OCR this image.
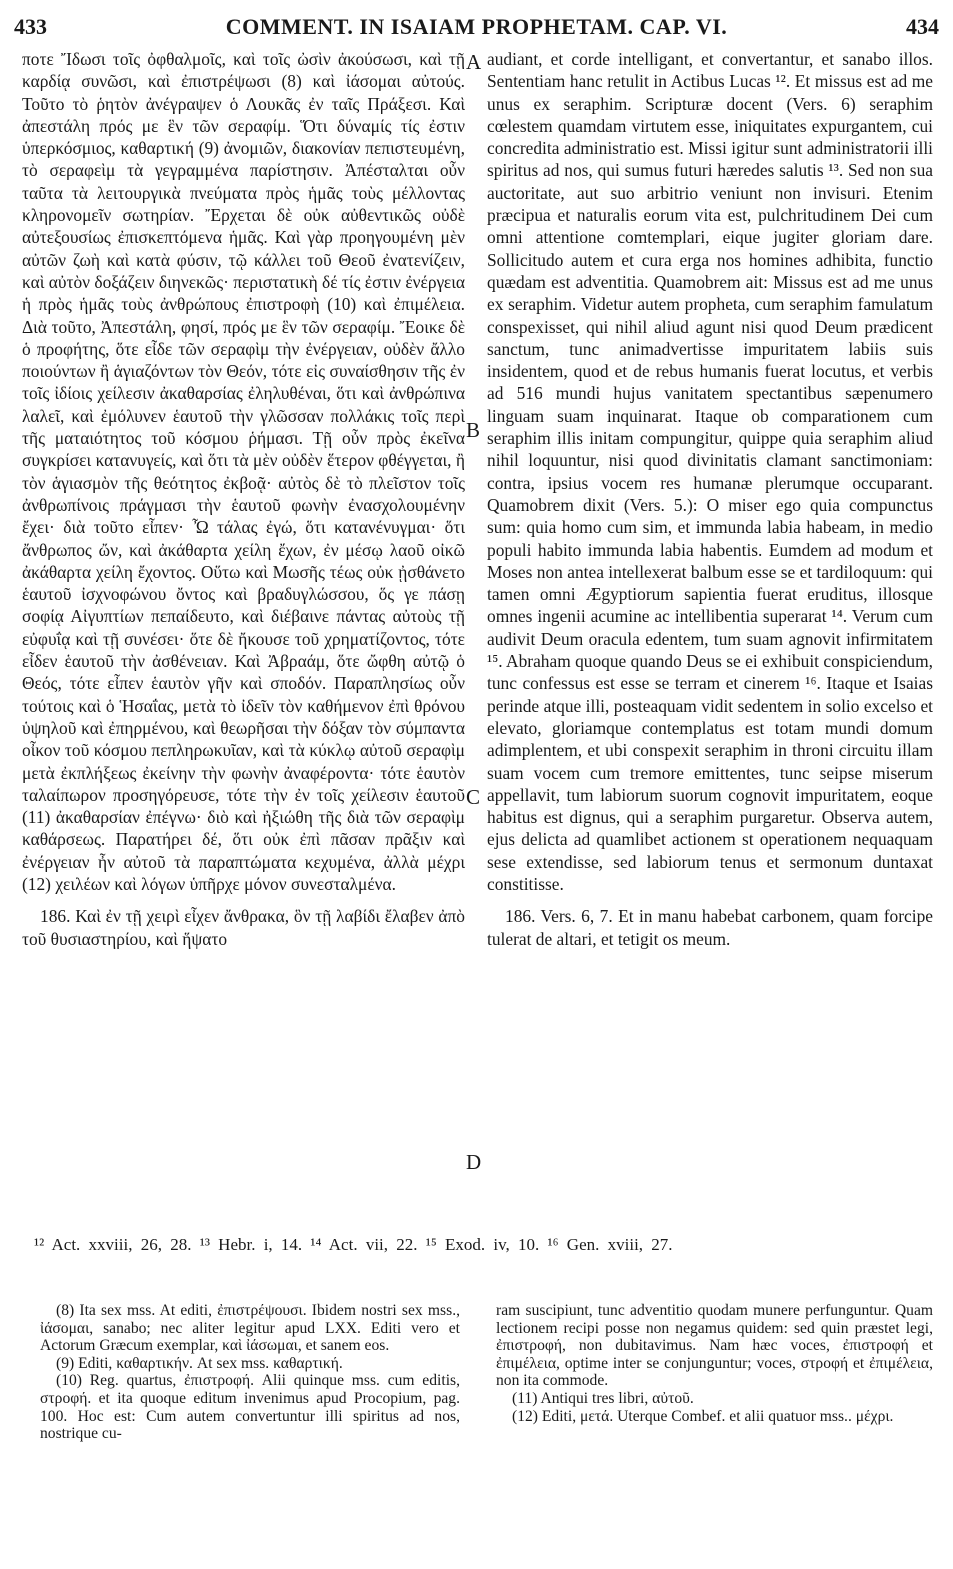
433	COMMENT. IN ISAIAM PROPHETAM. CAP. VI.	434

ποτε Ἴδωσι τοῖς ὀφθαλμοῖς, καὶ τοῖς ὠσὶν ἀκούσωσι, καὶ τῇ καρδίᾳ συνῶσι, καὶ ἐπιστρέψωσι (8) καὶ ἰάσομαι αὐτούς. Τοῦτο τὸ ῥητὸν ἀνέγραψεν ὁ Λουκᾶς ἐν ταῖς Πράξεσι. Καὶ ἀπεστάλη πρός με ἓν τῶν σεραφίμ. Ὅτι δύναμίς τίς ἐστιν ὑπερκόσμιος, καθαρτική (9) ἀνομιῶν, διακονίαν πεπιστευμένη, τὸ σεραφεὶμ τὰ γεγραμμένα παρίστησιν. Ἀπέσταλται οὖν ταῦτα τὰ λειτουργικὰ πνεύματα πρὸς ἡμᾶς τοὺς μέλλοντας κληρονομεῖν σωτηρίαν. Ἔρχεται δὲ οὐκ αὐθεντικῶς οὐδὲ αὐτεξουσίως ἐπισκεπτόμενα ἡμᾶς. Καὶ γὰρ προηγουμένη μὲν αὐτῶν ζωὴ καὶ κατὰ φύσιν, τῷ κάλλει τοῦ Θεοῦ ἐνατενίζειν, καὶ αὐτὸν δοξάζειν διηνεκῶς· περιστατικὴ δέ τίς ἐστιν ἐνέργεια ἡ πρὸς ἡμᾶς τοὺς ἀνθρώπους ἐπιστροφὴ (10) καὶ ἐπιμέλεια. Διὰ τοῦτο, Ἀπεστάλη, φησί, πρός με ἓν τῶν σεραφίμ. Ἔοικε δὲ ὁ προφήτης, ὅτε εἶδε τῶν σεραφὶμ τὴν ἐνέργειαν, οὐδὲν ἄλλο ποιούντων ἢ ἁγιαζόντων τὸν Θεόν, τότε εἰς συναίσθησιν τῆς ἐν τοῖς ἰδίοις χείλεσιν ἀκαθαρσίας ἐληλυθέναι, ὅτι καὶ ἀνθρώπινα λαλεῖ, καὶ ἐμόλυνεν ἑαυτοῦ τὴν γλῶσσαν πολλάκις τοῖς περὶ τῆς ματαιότητος τοῦ κόσμου ῥήμασι. Τῇ οὖν πρὸς ἐκεῖνα συγκρίσει κατανυγείς, καὶ ὅτι τὰ μὲν οὐδὲν ἕτερον φθέγγεται, ἢ τὸν ἁγιασμὸν τῆς θεότητος ἐκβοᾷ· αὐτὸς δὲ τὸ πλεῖστον τοῖς ἀνθρωπίνοις πράγμασι τὴν ἑαυτοῦ φωνὴν ἐνασχολουμένην ἔχει· διὰ τοῦτο εἶπεν· Ὦ τάλας ἐγώ, ὅτι κατανένυγμαι· ὅτι ἄνθρωπος ὤν, καὶ ἀκάθαρτα χείλη ἔχων, ἐν μέσῳ λαοῦ οἰκῶ ἀκάθαρτα χείλη ἔχοντος. Οὕτω καὶ Μωσῆς τέως οὐκ ᾐσθάνετο ἑαυτοῦ ἰσχνοφώνου ὄντος καὶ βραδυγλώσσου, ὅς γε πάσῃ σοφίᾳ Αἰγυπτίων πεπαίδευτο, καὶ διέβαινε πάντας αὐτοὺς τῇ εὐφυΐᾳ καὶ τῇ συνέσει· ὅτε δὲ ἤκουσε τοῦ χρηματίζοντος, τότε εἶδεν ἑαυτοῦ τὴν ἀσθένειαν. Καὶ Ἀβραάμ, ὅτε ὤφθη αὐτῷ ὁ Θεός, τότε εἶπεν ἑαυτὸν γῆν καὶ σποδόν. Παραπλησίως οὖν τούτοις καὶ ὁ Ἡσαΐας, μετὰ τὸ ἰδεῖν τὸν καθήμενον ἐπὶ θρόνου ὑψηλοῦ καὶ ἐπηρμένου, καὶ θεωρῆσαι τὴν δόξαν τὸν σύμπαντα οἶκον τοῦ κόσμου πεπληρωκυῖαν, καὶ τὰ κύκλῳ αὐτοῦ σεραφὶμ μετὰ ἐκπλήξεως ἐκείνην τὴν φωνὴν ἀναφέροντα· τότε ἑαυτὸν ταλαίπωρον προσηγόρευσε, τότε τὴν ἐν τοῖς χείλεσιν ἑαυτοῦ (11) ἀκαθαρσίαν ἐπέγνω· διὸ καὶ ἠξιώθη τῆς διὰ τῶν σεραφὶμ καθάρσεως. Παρατήρει δέ, ὅτι οὐκ ἐπὶ πᾶσαν πρᾶξιν καὶ ἐνέργειαν ἦν αὐτοῦ τὰ παραπτώματα κεχυμένα, ἀλλὰ μέχρι (12) χειλέων καὶ λόγων ὑπῆρχε μόνον συνεσταλμένα.

186. Καὶ ἐν τῇ χειρὶ εἶχεν ἄνθρακα, ὃν τῇ λαβίδι ἔλαβεν ἀπὸ τοῦ θυσιαστηρίου, καὶ ἥψατο

audiant, et corde intelligant, et convertantur, et sanabo illos. Sententiam hanc retulit in Actibus Lucas ¹². Et missus est ad me unus ex seraphim. Scripturæ docent (Vers. 6) seraphim cœlestem quamdam virtutem esse, iniquitates expurgantem, cui concredita administratio est. Missi igitur sunt administratorii illi spiritus ad nos, qui sumus futuri hæredes salutis ¹³. Sed non sua auctoritate, aut suo arbitrio veniunt non invisuri. Etenim præcipua et naturalis eorum vita est, pulchritudinem Dei cum omni attentione comtemplari, eique jugiter gloriam dare. Sollicitudo autem et cura erga nos homines adhibita, functio quædam est adventitia. Quamobrem ait: Missus est ad me unus ex seraphim. Videtur autem propheta, cum seraphim famulatum conspexisset, qui nihil aliud agunt nisi quod Deum prædicent sanctum, tunc animadvertisse impuritatem labiis suis insidentem, quod et de rebus humanis fuerat locutus, et verbis ad 516 mundi hujus vanitatem spectantibus sæpenumero linguam suam inquinarat. Itaque ob comparationem cum seraphim illis initam compungitur, quippe quia seraphim aliud nihil loquuntur, nisi quod divinitatis clamant sanctimoniam: contra, ipsius vocem res humanæ plerumque occuparant. Quamobrem dixit (Vers. 5.): O miser ego quia compunctus sum: quia homo cum sim, et immunda labia habeam, in medio populi habito immunda labia habentis. Eumdem ad modum et Moses non antea intellexerat balbum esse se et tardiloquum: qui tamen omni Ægyptiorum sapientia fuerat eruditus, illosque omnes ingenii acumine ac intellibentia superarat ¹⁴. Verum cum audivit Deum oracula edentem, tum suam agnovit infirmitatem ¹⁵. Abraham quoque quando Deus se ei exhibuit conspiciendum, tunc confessus est esse se terram et cinerem ¹⁶. Itaque et Isaias perinde atque illi, posteaquam vidit sedentem in solio excelso et elevato, gloriamque contemplatus est totam mundi domum adimplentem, et ubi conspexit seraphim in throni circuitu illam suam vocem cum tremore emittentes, tunc seipse miserum appellavit, tum labiorum suorum cognovit impuritatem, eoque habitus est dignus, qui a seraphim purgaretur. Observa autem, ejus delicta ad quamlibet actionem st operationem nequaquam sese extendisse, sed labiorum tenus et sermonum duntaxat constitisse.

186. Vers. 6, 7. Et in manu habebat carbonem, quam forcipe tulerat de altari, et tetigit os meum.

A
B
C
D
¹² Act. xxviii, 26, 28. ¹³ Hebr. i, 14. ¹⁴ Act. vii, 22. ¹⁵ Exod. iv, 10. ¹⁶ Gen. xviii, 27.

(8) Ita sex mss. At editi, ἐπιστρέψουσι. Ibidem nostri sex mss., ἰάσομαι, sanabo; nec aliter legitur apud LXX. Editi vero et Actorum Græcum exemplar, καὶ ἰάσωμαι, et sanem eos.

(9) Editi, καθαρτικήν. At sex mss. καθαρτική.

(10) Reg. quartus, ἐπιστροφή. Alii quinque mss. cum editis, στροφή. et ita quoque editum invenimus apud Procopium, pag. 100. Hoc est: Cum autem convertuntur illi spiritus ad nos, nostrique cu-

ram suscipiunt, tunc adventitio quodam munere perfunguntur. Quam lectionem recipi posse non negamus quidem: sed quin præstet legi, ἐπιστροφή, non dubitavimus. Nam hæc voces, ἐπιστροφή et ἐπιμέλεια, optime inter se conjunguntur; voces, στροφή et ἐπιμέλεια, non ita commode.

(11) Antiqui tres libri, αὐτοῦ.

(12) Editi, μετά. Uterque Combef. et alii quatuor mss.. μέχρι.
